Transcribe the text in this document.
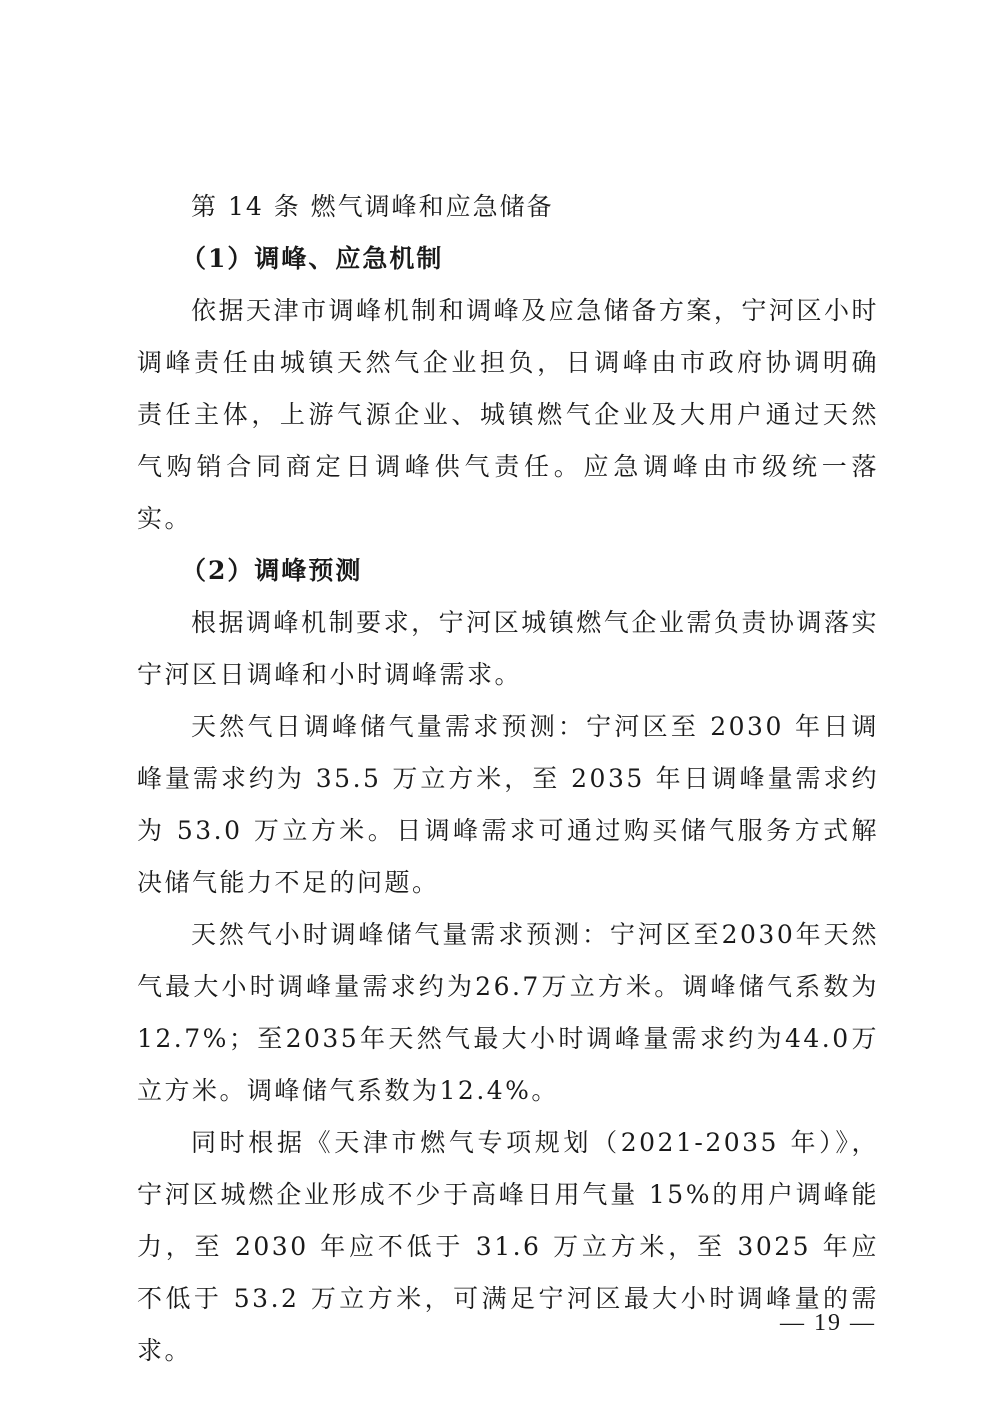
第 14 条 燃气调峰和应急储备
（1）调峰、应急机制

依据天津市调峰机制和调峰及应急储备方案，宁河区小时调峰责任由城镇天然气企业担负，日调峰由市政府协调明确责任主体，上游气源企业、城镇燃气企业及大用户通过天然气购销合同商定日调峰供气责任。应急调峰由市级统一落实。

（2）调峰预测

根据调峰机制要求，宁河区城镇燃气企业需负责协调落实宁河区日调峰和小时调峰需求。

天然气日调峰储气量需求预测：宁河区至 2030 年日调峰量需求约为 35.5 万立方米，至 2035 年日调峰量需求约为 53.0 万立方米。日调峰需求可通过购买储气服务方式解决储气能力不足的问题。

天然气小时调峰储气量需求预测：宁河区至2030年天然气最大小时调峰量需求约为26.7万立方米。调峰储气系数为12.7%；至2035年天然气最大小时调峰量需求约为44.0万立方米。调峰储气系数为12.4%。

同时根据《天津市燃气专项规划（2021-2035 年）》，宁河区城燃企业形成不少于高峰日用气量 15%的用户调峰能力，至 2030 年应不低于 31.6 万立方米，至 3025 年应不低于 53.2 万立方米，可满足宁河区最大小时调峰量的需求。

— 19 —
